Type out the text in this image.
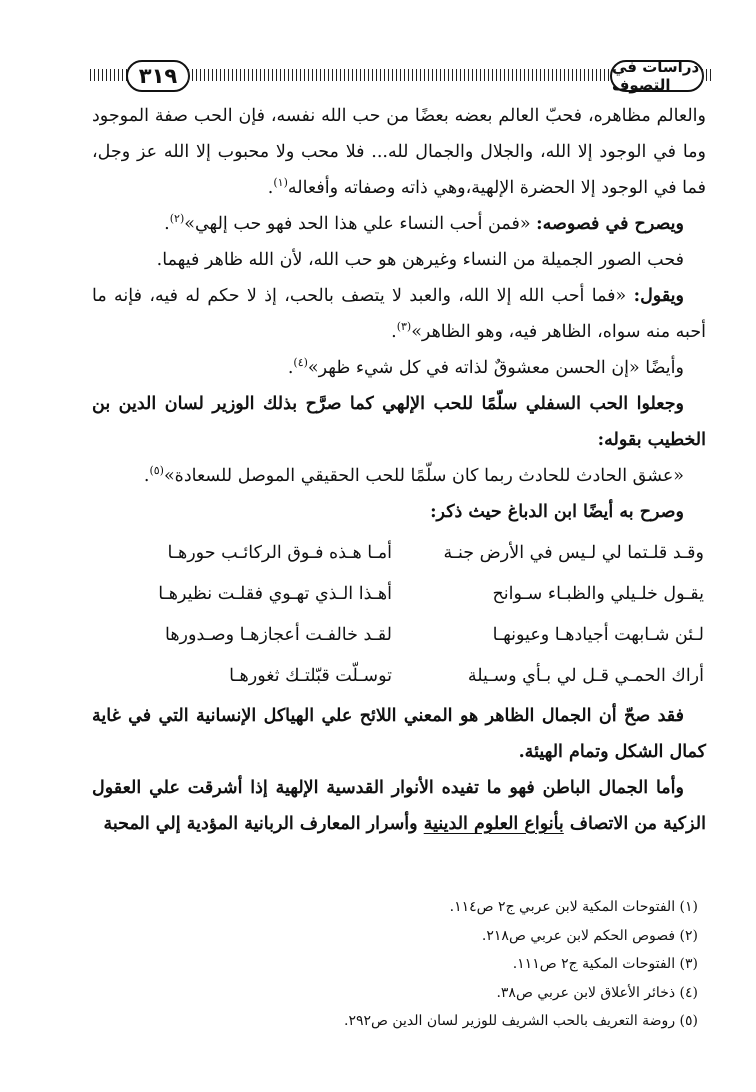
٣١٩	دراسات في التصوف

والعالم مظاهره، فحبّ العالم بعضه بعضًا من حب الله نفسه، فإن الحب صفة الموجود وما في الوجود إلا الله، والجلال والجمال لله... فلا محب ولا محبوب إلا الله عز وجل، فما في الوجود إلا الحضرة الإلهية،وهي ذاته وصفاته وأفعاله$^{(١)}$.

ويصرح في فصوصه: «فمن أحب النساء علي هذا الحد فهو حب إلهي»$^{(٢)}$.

فحب الصور الجميلة من النساء وغيرهن هو حب الله، لأن الله ظاهر فيهما.

ويقول: «فما أحب الله إلا الله، والعبد لا يتصف بالحب، إذ لا حكم له فيه، فإنه ما أحبه منه سواه، الظاهر فيه، وهو الظاهر»$^{(٣)}$.

وأيضًا «إن الحسن معشوقٌ لذاته في كل شيء ظهر»$^{(٤)}$.

وجعلوا الحب السفلي سلّمًا للحب الإلهي كما صرَّح بذلك الوزير لسان الدين بن الخطيب بقوله:

«عشق الحادث للحادث ربما كان سلّمًا للحب الحقيقي الموصل للسعادة»$^{(٥)}$.

وصرح به أيضًا ابن الدباغ حيث ذكر:

وقـد قلـتما لي لـيس في الأرض جنـة
أمـا هـذه فـوق الركائـب حورهـا
يقـول خلـيلي والظبـاء سـوانح
أهـذا الـذي تهـوي فقلـت نظيرهـا
لـئن شـابهت أجيادهـا وعيونهـا
لقـد خالفـت أعجازهـا وصـدورها
أراك الحمـي قـل لي بـأي وسـيلة
توسـلّت قبّلتـك ثغورهـا

فقد صحّ أن الجمال الظاهر هو المعني اللائح علي الهياكل الإنسانية التي في غاية كمال الشكل وتمام الهيئة.

وأما الجمال الباطن فهو ما تفيده الأنوار القدسية الإلهية إذا أشرقت علي العقول الزكية من الاتصاف بأنواع العلوم الدينية وأسرار المعارف الربانية المؤدية إلي المحبة

(١) الفتوحات المكية لابن عربي ج٢ ص١١٤.

(٢) فصوص الحكم لابن عربي ص٢١٨.

(٣) الفتوحات المكية ج٢ ص١١١.

(٤) ذخائر الأعلاق لابن عربي ص٣٨.

(٥) روضة التعريف بالحب الشريف للوزير لسان الدين ص٢٩٢.
